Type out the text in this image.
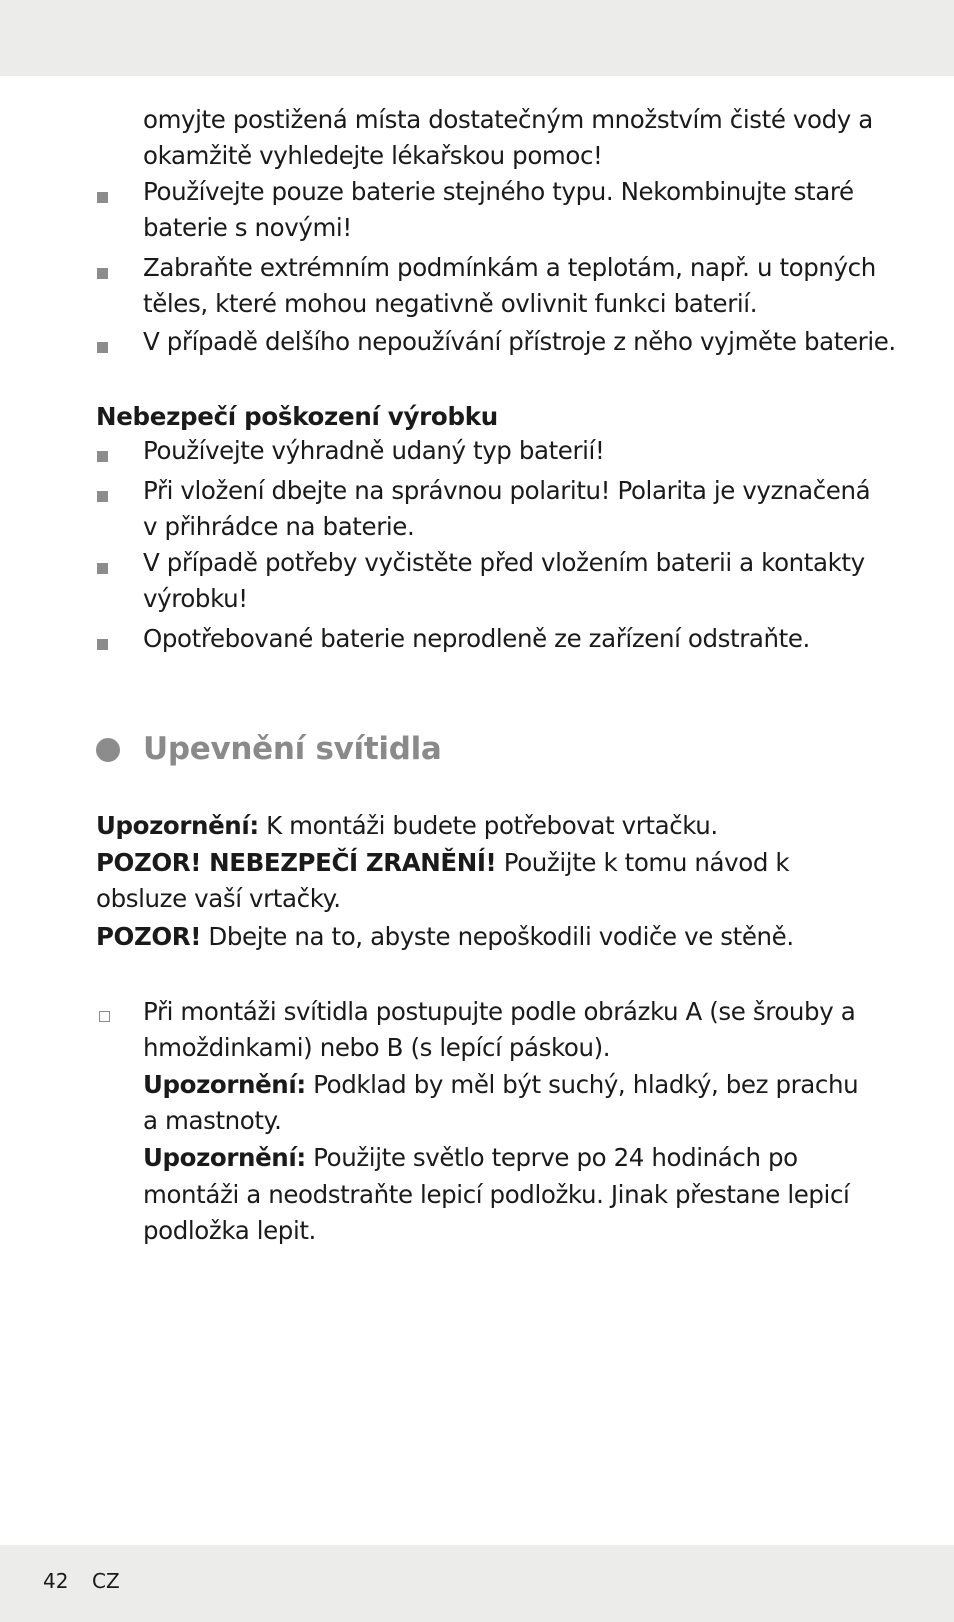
omyjte postižená místa dostatečným množstvím čisté vody a
okamžitě vyhledejte lékařskou pomoc!
Používejte pouze baterie stejného typu. Nekombinujte staré
baterie s novými!
Zabraňte extrémním podmínkám a teplotám, např. u topných
těles, které mohou negativně ovlivnit funkci baterií.
V případě delšího nepoužívání přístroje z něho vyjměte baterie.
Nebezpečí poškození výrobku
Používejte výhradně udaný typ baterií!
Při vložení dbejte na správnou polaritu! Polarita je vyznačená
v přihrádce na baterie.
V případě potřeby vyčistěte před vložením baterii a kontakty
výrobku!
Opotřebované baterie neprodleně ze zařízení odstraňte.
Upevnění svítidla
Upozornění: K montáži budete potřebovat vrtačku.
POZOR! NEBEZPEČÍ ZRANĚNÍ! Použijte k tomu návod k
obsluze vaší vrtačky.
POZOR! Dbejte na to, abyste nepoškodili vodiče ve stěně.
Při montáži svítidla postupujte podle obrázku A (se šrouby a
hmoždinkami) nebo B (s lepící páskou).
Upozornění: Podklad by měl být suchý, hladký, bez prachu
a mastnoty.
Upozornění: Použijte světlo teprve po 24 hodinách po
montáži a neodstraňte lepicí podložku. Jinak přestane lepicí
podložka lepit.
42 CZ
